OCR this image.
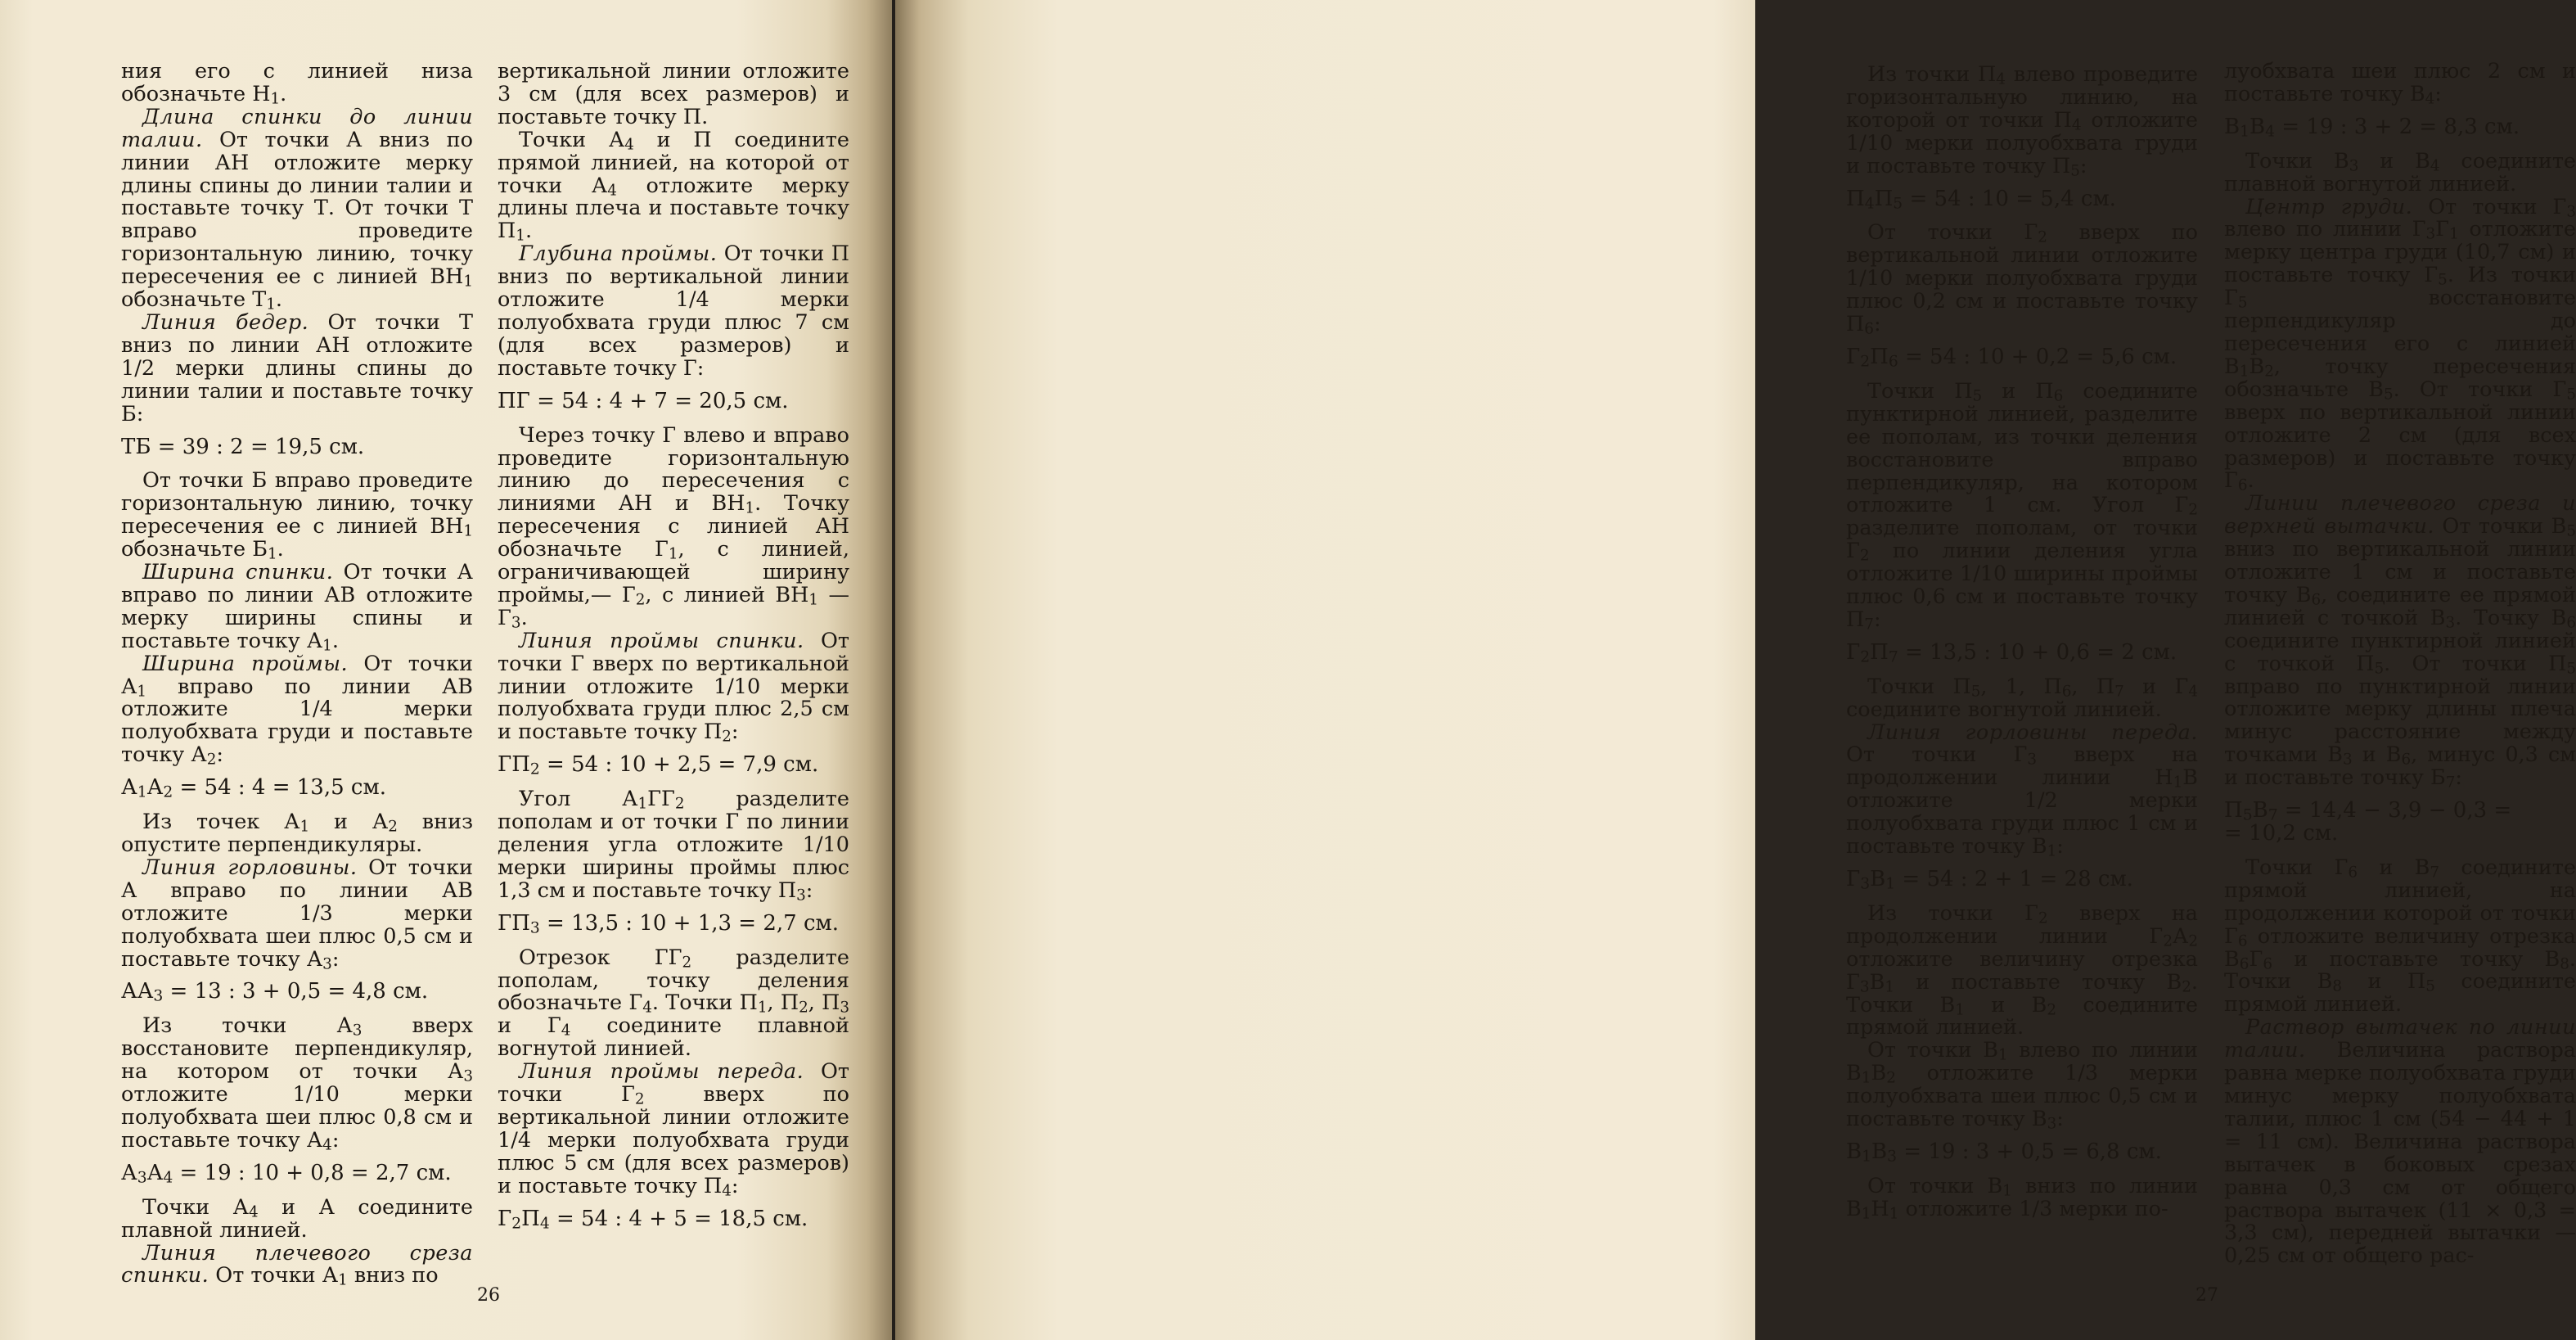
ния его с линией низа обозначьте $Н_1$.

Длина спинки до линии талии. От точки А вниз по линии АН отложите мерку длины спины до линии талии и поставьте точку Т. От точки Т вправо проведите горизонтальную линию, точку пересечения ее с линией $ВН_1$ обозначьте $Т_1$.

Линия бедер. От точки Т вниз по линии АН отложите 1/2 мерки длины спины до линии талии и поставьте точку Б:

ТБ = 39 : 2 = 19,5 см.

От точки Б вправо проведите горизонтальную линию, точку пересечения ее с линией $ВН_1$ обозначьте $Б_1$.

Ширина спинки. От точки А вправо по линии АВ отложите мерку ширины спины и поставьте точку $А_1$.

Ширина проймы. От точки $А_1$ вправо по линии АВ отложите 1/4 мерки полуобхвата груди и поставьте точку $А_2$:

$А_1А_2 = 54$ : 4 = 13,5 см.

Из точек $А_1$ и $А_2$ вниз опустите перпендикуляры.

Линия горловины. От точки А вправо по линии АВ отложите 1/3 мерки полуобхвата шеи плюс 0,5 см и поставьте точку $А_3$:

$АА_3 = 13$ : 3 + 0,5 = 4,8 см.

Из точки $А_3$ вверх восстановите перпендикуляр, на котором от точки $А_3$ отложите 1/10 мерки полуобхвата шеи плюс 0,8 см и поставьте точку $А_4$:

$А_3А_4 = 19$ : 10 + 0,8 = 2,7 см.

Точки $А_4$ и А соедините плавной линией.

Линия плечевого среза спинки. От точки $А_1$ вниз по

вертикальной линии отложите 3 см (для всех размеров) и поставьте точку П.

Точки $А_4$ и П соедините прямой линией, на которой от точки $А_4$ отложите мерку длины плеча и поставьте точку $П_1$.

Глубина проймы. От точки П вниз по вертикальной линии отложите 1/4 мерки полуобхвата груди плюс 7 см (для всех размеров) и поставьте точку Г:

ПГ = 54 : 4 + 7 = 20,5 см.

Через точку Г влево и вправо проведите горизонтальную линию до пересечения с линиями АН и $ВН_1$. Точку пересечения с линией АН обозначьте $Г_1$, с линией, ограничивающей ширину проймы,— $Г_2$, с линией $ВН_1$ — $Г_3$.

Линия проймы спинки. От точки Г вверх по вертикальной линии отложите 1/10 мерки полуобхвата груди плюс 2,5 см и поставьте точку $П_2$:

$ГП_2 = 54$ : 10 + 2,5 = 7,9 см.

Угол $А_1ГГ_2$ разделите пополам и от точки Г по линии деления угла отложите 1/10 мерки ширины проймы плюс 1,3 см и поставьте точку $П_3$:

$ГП_3 = 13,5$ : 10 + 1,3 = 2,7 см.

Отрезок $ГГ_2$ разделите пополам, точку деления обозначьте $Г_4$. Точки $П_1$, $П_2$, $П_3$ и $Г_4$ соедините плавной вогнутой линией.

Линия проймы переда. От точки $Г_2$ вверх по вертикальной линии отложите 1/4 мерки полуобхвата груди плюс 5 см (для всех размеров) и поставьте точку $П_4$:

$Г_2П_4 = 54$ : 4 + 5 = 18,5 см.

26

Из точки $П_4$ влево проведите горизонтальную линию, на которой от точки $П_4$ отложите 1/10 мерки полуобхвата груди и поставьте точку $П_5$:

$П_4П_5 = 54$ : 10 = 5,4 см.

От точки $Г_2$ вверх по вертикальной линии отложите 1/10 мерки полуобхвата груди плюс 0,2 см и поставьте точку $П_6$:

$Г_2П_6 = 54$ : 10 + 0,2 = 5,6 см.

Точки $П_5$ и $П_6$ соедините пунктирной линией, разделите ее пополам, из точки деления восстановите вправо перпендикуляр, на котором отложите 1 см. Угол $Г_2$ разделите пополам, от точки $Г_2$ по линии деления угла отложите 1/10 ширины проймы плюс 0,6 см и поставьте точку $П_7$:

$Г_2П_7 = 13,5$ : 10 + 0,6 = 2 см.

Точки $П_5$, 1, $П_6$, $П_7$ и $Г_4$ соедините вогнутой линией.

Линия горловины переда. От точки $Г_3$ вверх на продолжении линии $Н_1В$ отложите 1/2 мерки полуобхвата груди плюс 1 см и поставьте точку $В_1$:

$Г_3В_1 = 54$ : 2 + 1 = 28 см.

Из точки $Г_2$ вверх на продолжении линии $Г_2А_2$ отложите величину отрезка $Г_3В_1$ и поставьте точку $В_2$. Точки $В_1$ и $В_2$ соедините прямой линией.

От точки $В_1$ влево по линии $В_1В_2$ отложите 1/3 мерки полуобхвата шеи плюс 0,5 см и поставьте точку $В_3$:

$В_1В_3 = 19$ : 3 + 0,5 = 6,8 см.

От точки $В_1$ вниз по линии $В_1Н_1$ отложите 1/3 мерки по-

луобхвата шеи плюс 2 см и поставьте точку $В_4$:

$В_1В_4 = 19$ : 3 + 2 = 8,3 см.

Точки $В_3$ и $В_4$ соедините плавной вогнутой линией.

Центр груди. От точки $Г_3$ влево по линии $Г_3Г_1$ отложите мерку центра груди (10,7 см) и поставьте точку $Г_5$. Из точки $Г_5$ восстановите перпендикуляр до пересечения его с линией $В_1В_2$, точку пересечения обозначьте $В_5$. От точки $Г_5$ вверх по вертикальной линии отложите 2 см (для всех размеров) и поставьте точку $Г_6$.

Линии плечевого среза и верхней вытачки. От точки $В_5$ вниз по вертикальной линии отложите 1 см и поставьте точку $В_6$, соедините ее прямой линией с точкой $В_3$. Точку $В_6$ соедините пунктирной линией с точкой $П_5$. От точки $П_5$ вправо по пунктирной линии отложите мерку длины плеча минус расстояние между точками $В_3$ и $В_6$, минус 0,3 см и поставьте точку $Б_7$:

$П_5В_7 = 14,4 - 3,9 - 0,3$ =
= 10,2 см.

Точки $Г_6$ и $В_7$ соедините прямой линией, на продолжении которой от точки $Г_6$ отложите величину отрезка $В_6Г_6$ и поставьте точку $В_8$. Точки $В_8$ и $П_5$ соедините прямой линией.

Раствор вытачек по линии талии. Величина раствора равна мерке полуобхвата груди минус мерку полуобхвата талии, плюс 1 см (54 − 44 + 1 = 11 см). Величина раствора вытачек в боковых срезах равна 0,3 см от общего раствора вытачек (11 × 0,3 = 3,3 см), передней вытачки — 0,25 см от общего рас-

27
